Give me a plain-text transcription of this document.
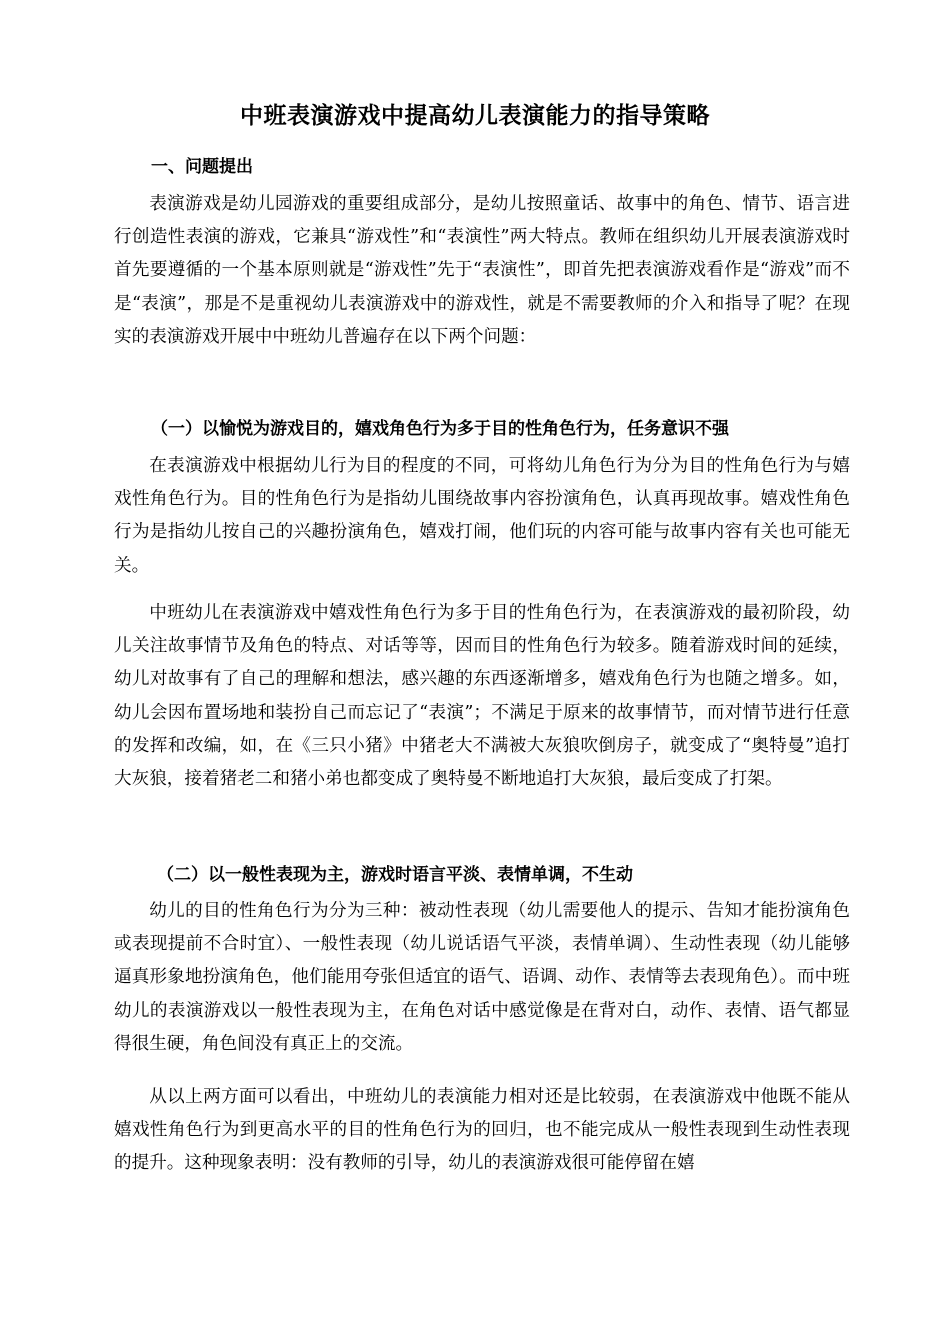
中班表演游戏中提高幼儿表演能力的指导策略
一、问题提出
表演游戏是幼儿园游戏的重要组成部分，是幼儿按照童话、故事中的角色、情节、语言进行创造性表演的游戏，它兼具“游戏性”和“表演性”两大特点。教师在组织幼儿开展表演游戏时首先要遵循的一个基本原则就是“游戏性”先于“表演性”，即首先把表演游戏看作是“游戏”而不是“表演”，那是不是重视幼儿表演游戏中的游戏性，就是不需要教师的介入和指导了呢？在现实的表演游戏开展中中班幼儿普遍存在以下两个问题：
（一）以愉悦为游戏目的，嬉戏角色行为多于目的性角色行为，任务意识不强
在表演游戏中根据幼儿行为目的程度的不同，可将幼儿角色行为分为目的性角色行为与嬉戏性角色行为。目的性角色行为是指幼儿围绕故事内容扮演角色，认真再现故事。嬉戏性角色行为是指幼儿按自己的兴趣扮演角色，嬉戏打闹，他们玩的内容可能与故事内容有关也可能无关。
中班幼儿在表演游戏中嬉戏性角色行为多于目的性角色行为，在表演游戏的最初阶段，幼儿关注故事情节及角色的特点、对话等等，因而目的性角色行为较多。随着游戏时间的延续，幼儿对故事有了自己的理解和想法，感兴趣的东西逐渐增多，嬉戏角色行为也随之增多。如，幼儿会因布置场地和装扮自己而忘记了“表演”；不满足于原来的故事情节，而对情节进行任意的发挥和改编，如，在《三只小猪》中猪老大不满被大灰狼吹倒房子，就变成了“奥特曼”追打大灰狼，接着猪老二和猪小弟也都变成了奥特曼不断地追打大灰狼，最后变成了打架。
（二）以一般性表现为主，游戏时语言平淡、表情单调，不生动
幼儿的目的性角色行为分为三种：被动性表现（幼儿需要他人的提示、告知才能扮演角色或表现提前不合时宜）、一般性表现（幼儿说话语气平淡，表情单调）、生动性表现（幼儿能够逼真形象地扮演角色，他们能用夸张但适宜的语气、语调、动作、表情等去表现角色）。而中班幼儿的表演游戏以一般性表现为主，在角色对话中感觉像是在背对白，动作、表情、语气都显得很生硬，角色间没有真正上的交流。
从以上两方面可以看出，中班幼儿的表演能力相对还是比较弱，在表演游戏中他既不能从嬉戏性角色行为到更高水平的目的性角色行为的回归，也不能完成从一般性表现到生动性表现的提升。这种现象表明：没有教师的引导，幼儿的表演游戏很可能停留在嬉
